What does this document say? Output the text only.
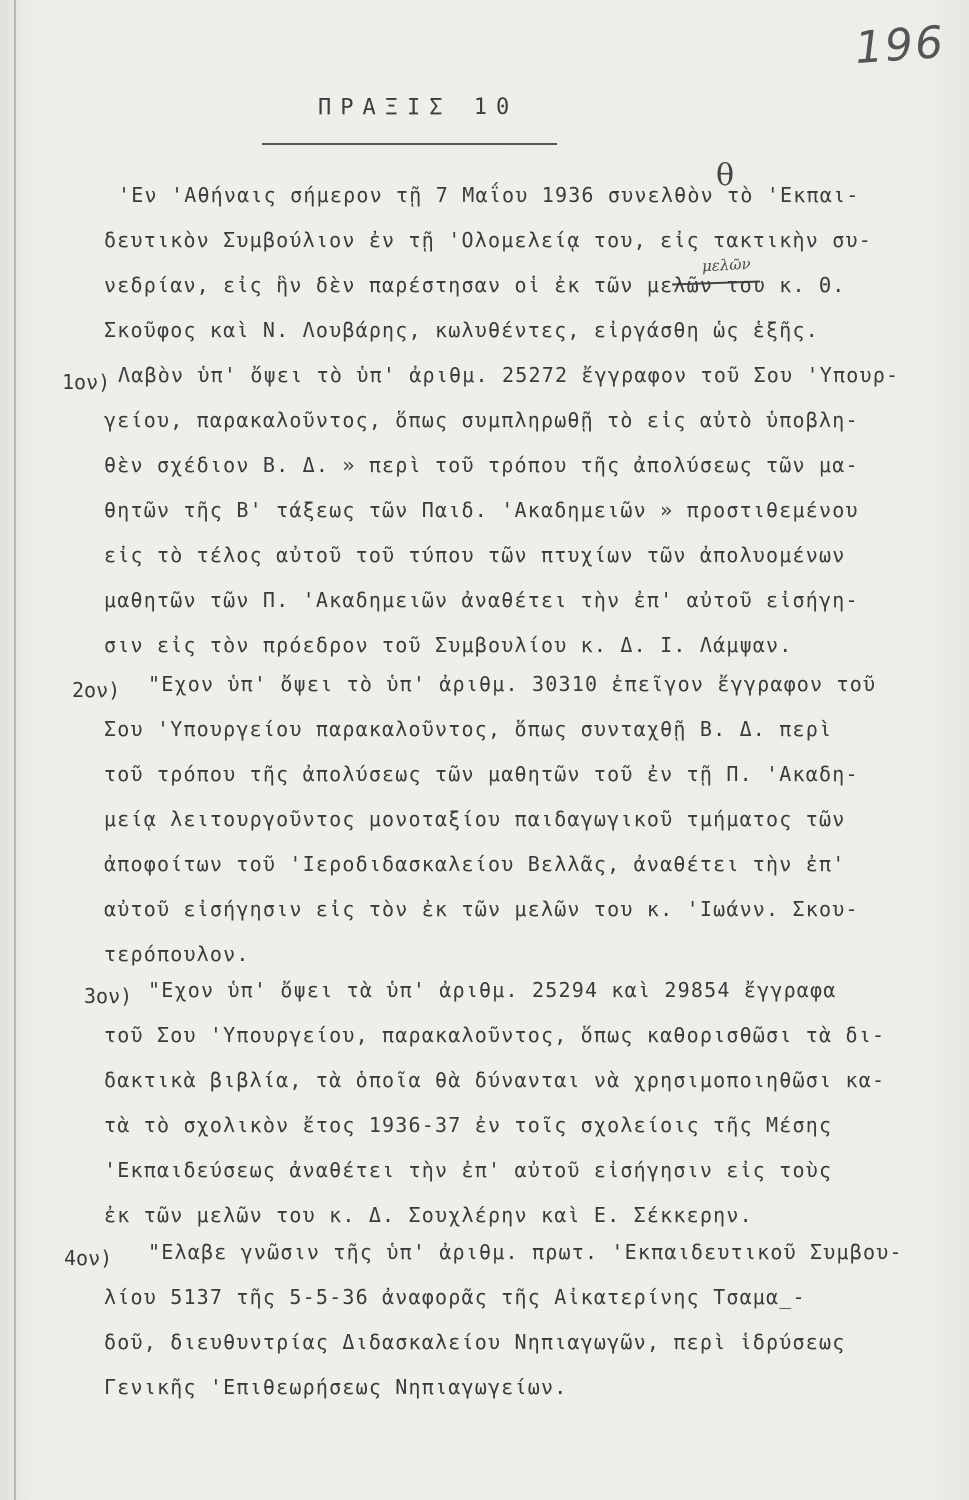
196
ΠΡΑΞΙΣ 10
θ
μελῶν
'Εν 'Αθήναις σήμερον τῇ 7 Μαΐου 1936 συνελθὸν τὸ 'Εκπαι-
δευτικὸν Συμβούλιον ἐν τῇ 'Ολομελείᾳ του, εἰς τακτικὴν συ-
νεδρίαν, εἰς ἣν δὲν παρέστησαν οἱ ἐκ τῶν μελῶν του κ. Θ.
Σκοῦφος καὶ Ν. Λουβάρης, κωλυθέντες, εἰργάσθη ὡς ἑξῆς.
1ον) Λαβὸν ὑπ' ὄψει τὸ ὑπ' ἀριθμ. 25272 ἔγγραφον τοῦ Σου 'Υπουρ-
γείου, παρακαλοῦντος, ὅπως συμπληρωθῇ τὸ εἰς αὐτὸ ὑποβλη-
θὲν σχέδιον Β. Δ. » περὶ τοῦ τρόπου τῆς ἀπολύσεως τῶν μα-
θητῶν τῆς Β' τάξεως τῶν Παιδ. 'Ακαδημειῶν » προστιθεμένου
εἰς τὸ τέλος αὐτοῦ τοῦ τύπου τῶν πτυχίων τῶν ἀπολυομένων
μαθητῶν τῶν Π. 'Ακαδημειῶν ἀναθέτει τὴν ἐπ' αὐτοῦ εἰσήγη-
σιν εἰς τὸν πρόεδρον τοῦ Συμβουλίου κ. Δ. Ι. Λάμψαν.
2ον) "Εχον ὑπ' ὄψει τὸ ὑπ' ἀριθμ. 30310 ἐπεῖγον ἔγγραφον τοῦ
Σου 'Υπουργείου παρακαλοῦντος, ὅπως συνταχθῇ Β. Δ. περὶ
τοῦ τρόπου τῆς ἀπολύσεως τῶν μαθητῶν τοῦ ἐν τῇ Π. 'Ακαδη-
μείᾳ λειτουργοῦντος μονοταξίου παιδαγωγικοῦ τμήματος τῶν
ἀποφοίτων τοῦ 'Ιεροδιδασκαλείου Βελλᾶς, ἀναθέτει τὴν ἐπ'
αὐτοῦ εἰσήγησιν εἰς τὸν ἐκ τῶν μελῶν του κ. 'Ιωάνν. Σκου-
τερόπουλον.
3ον) "Εχον ὑπ' ὄψει τὰ ὑπ' ἀριθμ. 25294 καὶ 29854 ἔγγραφα
τοῦ Σου 'Υπουργείου, παρακαλοῦντος, ὅπως καθορισθῶσι τὰ δι-
δακτικὰ βιβλία, τὰ ὁποῖα θὰ δύνανται νὰ χρησιμοποιηθῶσι κα-
τὰ τὸ σχολικὸν ἔτος 1936-37 ἐν τοῖς σχολείοις τῆς Μέσης
'Εκπαιδεύσεως ἀναθέτει τὴν ἐπ' αὐτοῦ εἰσήγησιν εἰς τοὺς
ἐκ τῶν μελῶν του κ. Δ. Σουχλέρην καὶ Ε. Σέκκερην.
4ον) "Ελαβε γνῶσιν τῆς ὑπ' ἀριθμ. πρωτ. 'Εκπαιδευτικοῦ Συμβου-
λίου 5137 τῆς 5-5-36 ἀναφορᾶς τῆς Αἰκατερίνης Τσαμα_-
δοῦ, διευθυντρίας Διδασκαλείου Νηπιαγωγῶν, περὶ ἱδρύσεως
Γενικῆς 'Επιθεωρήσεως Νηπιαγωγείων.
